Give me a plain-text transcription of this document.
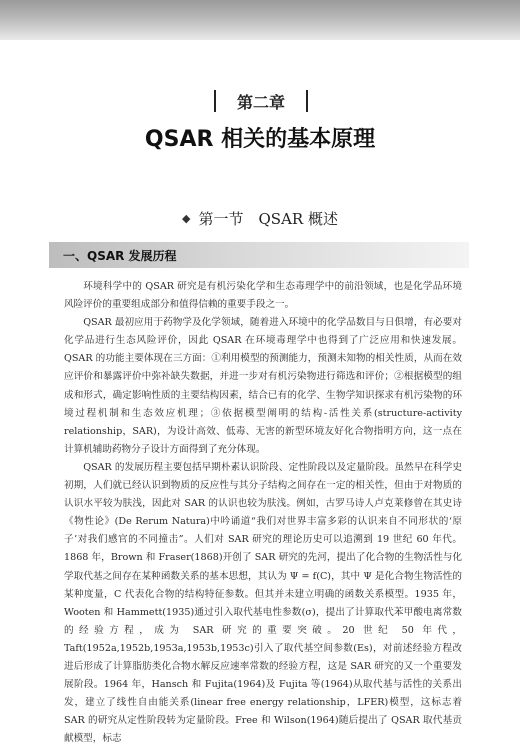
第二章
QSAR 相关的基本原理
◆ 第一节　QSAR 概述
一、QSAR 发展历程

环境科学中的 QSAR 研究是有机污染化学和生态毒理学中的前沿领域，也是化学品环境风险评价的重要组成部分和值得信赖的重要手段之一。

QSAR 最初应用于药物学及化学领域，随着进入环境中的化学品数目与日俱增，有必要对化学品进行生态风险评价，因此 QSAR 在环境毒理学中也得到了广泛应用和快速发展。QSAR 的功能主要体现在三方面：①利用模型的预测能力，预测未知物的相关性质，从而在效应评价和暴露评价中弥补缺失数据，并进一步对有机污染物进行筛选和评价；②根据模型的组成和形式，确定影响性质的主要结构因素，结合已有的化学、生物学知识探求有机污染物的环境过程机制和生态效应机理；③依据模型阐明的结构-活性关系(structure-activity relationship，SAR)，为设计高效、低毒、无害的新型环境友好化合物指明方向，这一点在计算机辅助药物分子设计方面得到了充分体现。

QSAR 的发展历程主要包括早期朴素认识阶段、定性阶段以及定量阶段。虽然早在科学史初期，人们就已经认识到物质的反应性与其分子结构之间存在一定的相关性，但由于对物质的认识水平较为肤浅，因此对 SAR 的认识也较为肤浅。例如，古罗马诗人卢克莱修曾在其史诗《物性论》(De Rerum Natura)中吟诵道“我们对世界丰富多彩的认识来自不同形状的‘原子’对我们感官的不同撞击”。人们对 SAR 研究的理论历史可以追溯到 19 世纪 60 年代。1868 年，Brown 和 Fraser(1868)开创了 SAR 研究的先河，提出了化合物的生物活性与化学取代基之间存在某种函数关系的基本思想，其认为 Ψ = f(C)，其中 Ψ 是化合物生物活性的某种度量，C 代表化合物的结构特征参数。但其并未建立明确的函数关系模型。1935 年，Wooten 和 Hammett(1935)通过引入取代基电性参数(σ)，提出了计算取代苯甲酸电离常数的经验方程，成为 SAR 研究的重要突破。20 世纪 50 年代，Taft(1952a,1952b,1953a,1953b,1953c)引入了取代基空间参数(Es)，对前述经验方程改进后形成了计算脂肪类化合物水解反应速率常数的经验方程，这是 SAR 研究的又一个重要发展阶段。1964 年，Hansch 和 Fujita(1964)及 Fujita 等(1964)从取代基与活性的关系出发，建立了线性自由能关系(linear free energy relationship，LFER)模型，这标志着 SAR 的研究从定性阶段转为定量阶段。Free 和 Wilson(1964)随后提出了 QSAR 取代基贡献模型，标志
